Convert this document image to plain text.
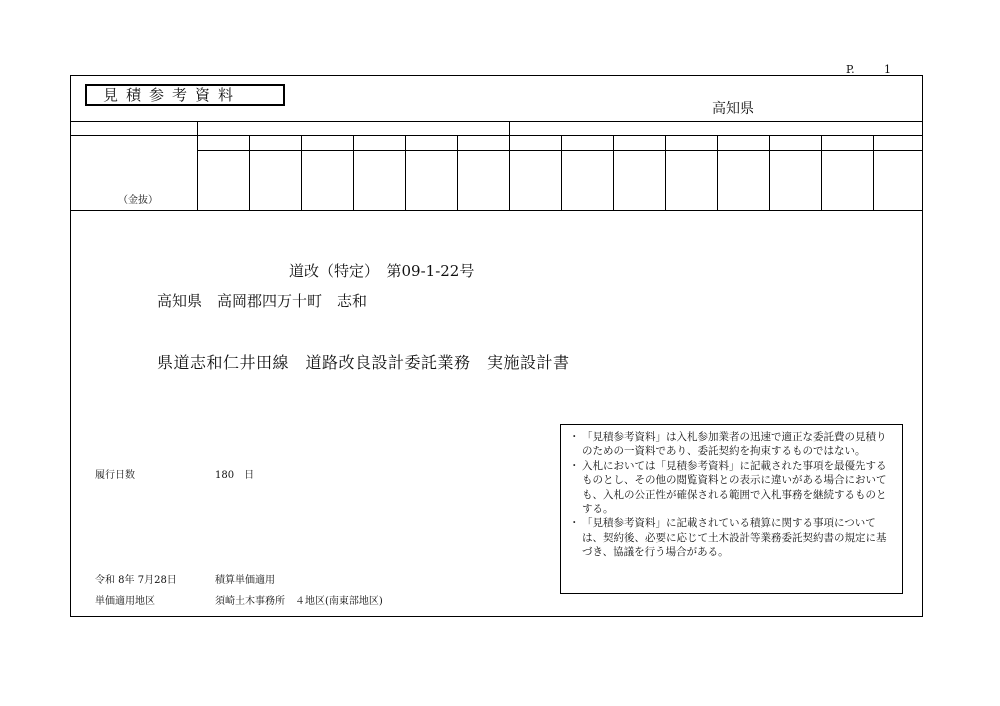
P.	1
見積参考資料
高知県
（金抜）
道改（特定）　第09-1-22号
高知県　高岡郡四万十町　志和
県道志和仁井田線　道路改良設計委託業務　実施設計書
履行日数	180　日
令和 8年 7月28日	積算単価適用
単価適用地区	須崎土木事務所　４地区(南東部地区)
・ 「見積参考資料」は入札参加業者の迅速で適正な委託費の見積りのための一資料であり、委託契約を拘束するものではない。
・ 入札においては「見積参考資料」に記載された事項を最優先するものとし、その他の閲覧資料との表示に違いがある場合においても、入札の公正性が確保される範囲で入札事務を継続するものとする。
・ 「見積参考資料」に記載されている積算に関する事項については、契約後、必要に応じて土木設計等業務委託契約書の規定に基づき、協議を行う場合がある。
